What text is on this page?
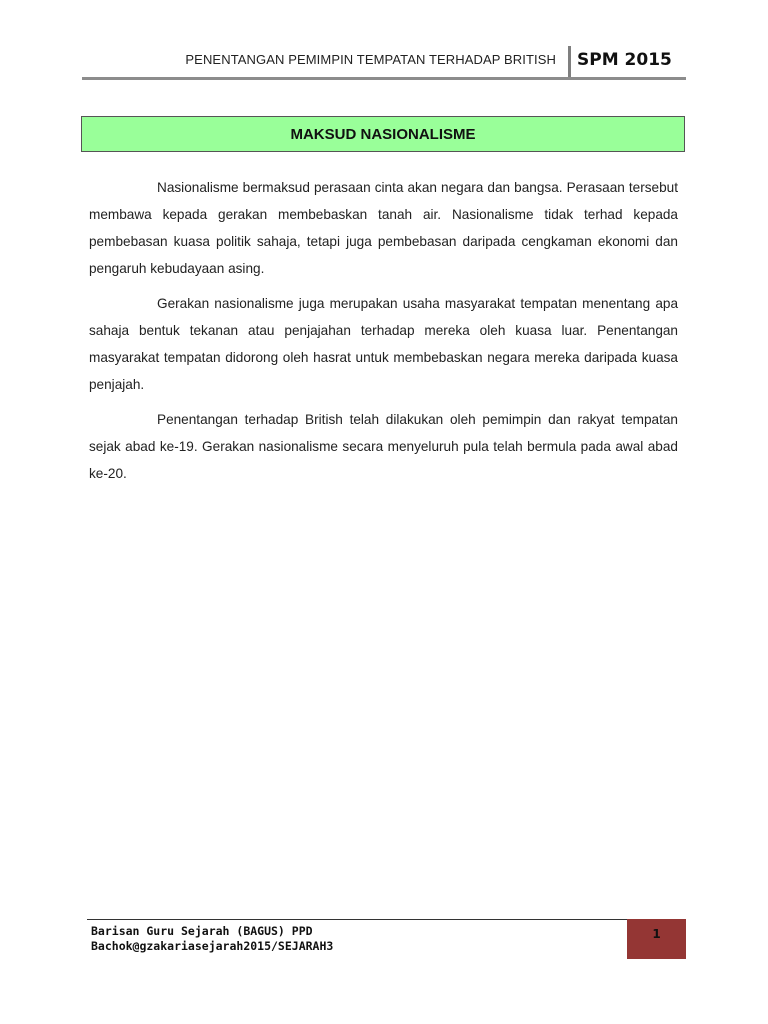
PENENTANGAN PEMIMPIN TEMPATAN TERHADAP BRITISH SPM 2015
MAKSUD NASIONALISME

Nasionalisme bermaksud perasaan cinta akan negara dan bangsa. Perasaan tersebut membawa kepada gerakan membebaskan tanah air. Nasionalisme tidak terhad kepada pembebasan kuasa politik sahaja, tetapi juga pembebasan daripada cengkaman ekonomi dan pengaruh kebudayaan asing.

Gerakan nasionalisme juga merupakan usaha masyarakat tempatan menentang apa sahaja bentuk tekanan atau penjajahan terhadap mereka oleh kuasa luar. Penentangan masyarakat tempatan didorong oleh hasrat untuk membebaskan negara mereka daripada kuasa penjajah.

Penentangan terhadap British telah dilakukan oleh pemimpin dan rakyat tempatan sejak abad ke-19. Gerakan nasionalisme secara menyeluruh pula telah bermula pada awal abad ke-20.

Barisan Guru Sejarah (BAGUS) PPD
Bachok@gzakariasejarah2015/SEJARAH3
1
